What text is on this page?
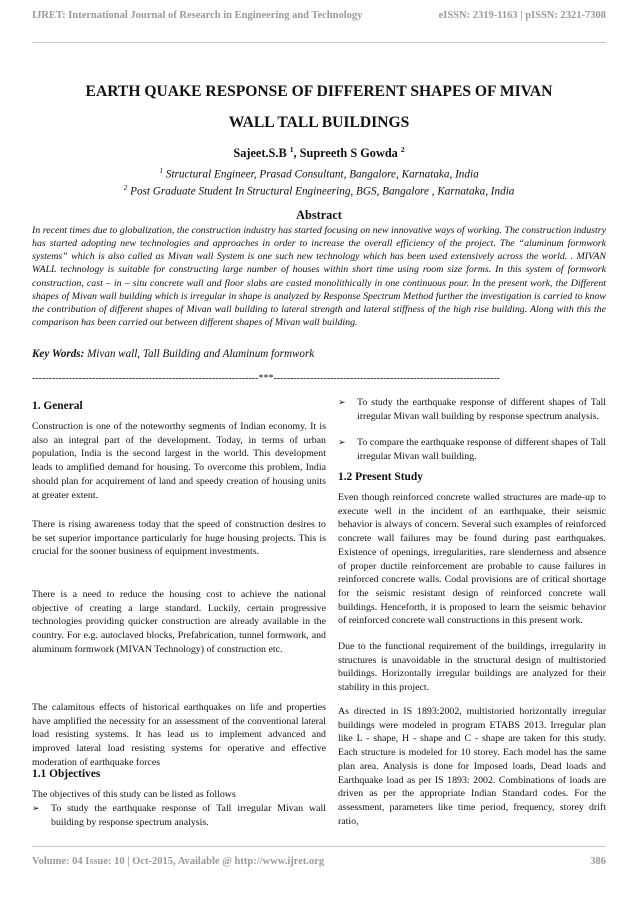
IJRET: International Journal of Research in Engineering and Technology	eISSN: 2319-1163 | pISSN: 2321-7308
EARTH QUAKE RESPONSE OF DIFFERENT SHAPES OF MIVAN
WALL TALL BUILDINGS
Sajeet.S.B $^1$, Supreeth S Gowda $^2$
$^1$ Structural Engineer, Prasad Consultant, Bangalore, Karnataka, India
$^2$ Post Graduate Student In Structural Engineering, BGS, Bangalore , Karnataka, India
Abstract
In recent times due to globalization, the construction industry has started focusing on new innovative ways of working. The construction industry has started adopting new technologies and approaches in order to increase the overall efficiency of the project. The “aluminum formwork systems” which is also called as Mivan wall System is one such new technology which has been used extensively across the world. . MIVAN WALL technology is suitable for constructing large number of houses within short time using room size forms. In this system of formwork construction, cast – in – situ concrete wall and floor slabs are casted monolithically in one continuous pour. In the present work, the Different shapes of Mivan wall building which is irregular in shape is analyzed by Response Spectrum Method further the investigation is carried to know the contribution of different shapes of Mivan wall building to lateral strength and lateral stiffness of the high rise building. Along with this the comparison has been carried out between different shapes of Mivan wall building.
Key Words: Mivan wall, Tall Building and Aluminum formwork
--------------------------------------------------------------------***--------------------------------------------------------------------
1. General

Construction is one of the noteworthy segments of Indian economy. It is also an integral part of the development. Today, in terms of urban population, India is the second largest in the world. This development leads to amplified demand for housing. To overcome this problem, India should plan for acquirement of land and speedy creation of housing units at greater extent.

There is rising awareness today that the speed of construction desires to be set superior importance particularly for huge housing projects. This is crucial for the sooner business of equipment investments.

There is a need to reduce the housing cost to achieve the national objective of creating a large standard. Luckily, certain progressive technologies providing quicker construction are already available in the country. For e.g. autoclaved blocks, Prefabrication, tunnel formwork, and aluminum formwork (MIVAN Technology) of construction etc.

The calamitous effects of historical earthquakes on life and properties have amplified the necessity for an assessment of the conventional lateral load resisting systems. It has lead us to implement advanced and improved lateral load resisting systems for operative and effective moderation of earthquake forces

1.1 Objectives

The objectives of this study can be listed as follows

➢ To study the earthquake response of Tall irregular Mivan wall building by response spectrum analysis.
➢ To study the earthquake response of different shapes of Tall irregular Mivan wall building by response spectrum analysis.
➢ To compare the earthquake response of different shapes of Tall irregular Mivan wall building.
1.2 Present Study

Even though reinforced concrete walled structures are made-up to execute well in the incident of an earthquake, their seismic behavior is always of concern. Several such examples of reinforced concrete wall failures may be found during past earthquakes. Existence of openings, irregularities, rare slenderness and absence of proper ductile reinforcement are probable to cause failures in reinforced concrete walls. Codal provisions are of critical shortage for the seismic resistant design of reinforced concrete wall buildings. Henceforth, it is proposed to learn the seismic behavior of reinforced concrete wall constructions in this present work.

Due to the functional requirement of the buildings, irregularity in structures is unavoidable in the structural design of multistoried buildings. Horizontally irregular buildings are analyzed for their stability in this project.

As directed in IS 1893:2002, multistoried horizontally irregular buildings were modeled in program ETABS 2013. Irregular plan like L - shape, H - shape and C - shape are taken for this study. Each structure is modeled for 10 storey. Each model has the same plan area. Analysis is done for Imposed loads, Dead loads and Earthquake load as per IS 1893: 2002. Combinations of loads are driven as per the appropriate Indian Standard codes. For the assessment, parameters like time period, frequency, storey drift ratio,

Volume: 04 Issue: 10 | Oct-2015, Available @ http://www.ijret.org	386
